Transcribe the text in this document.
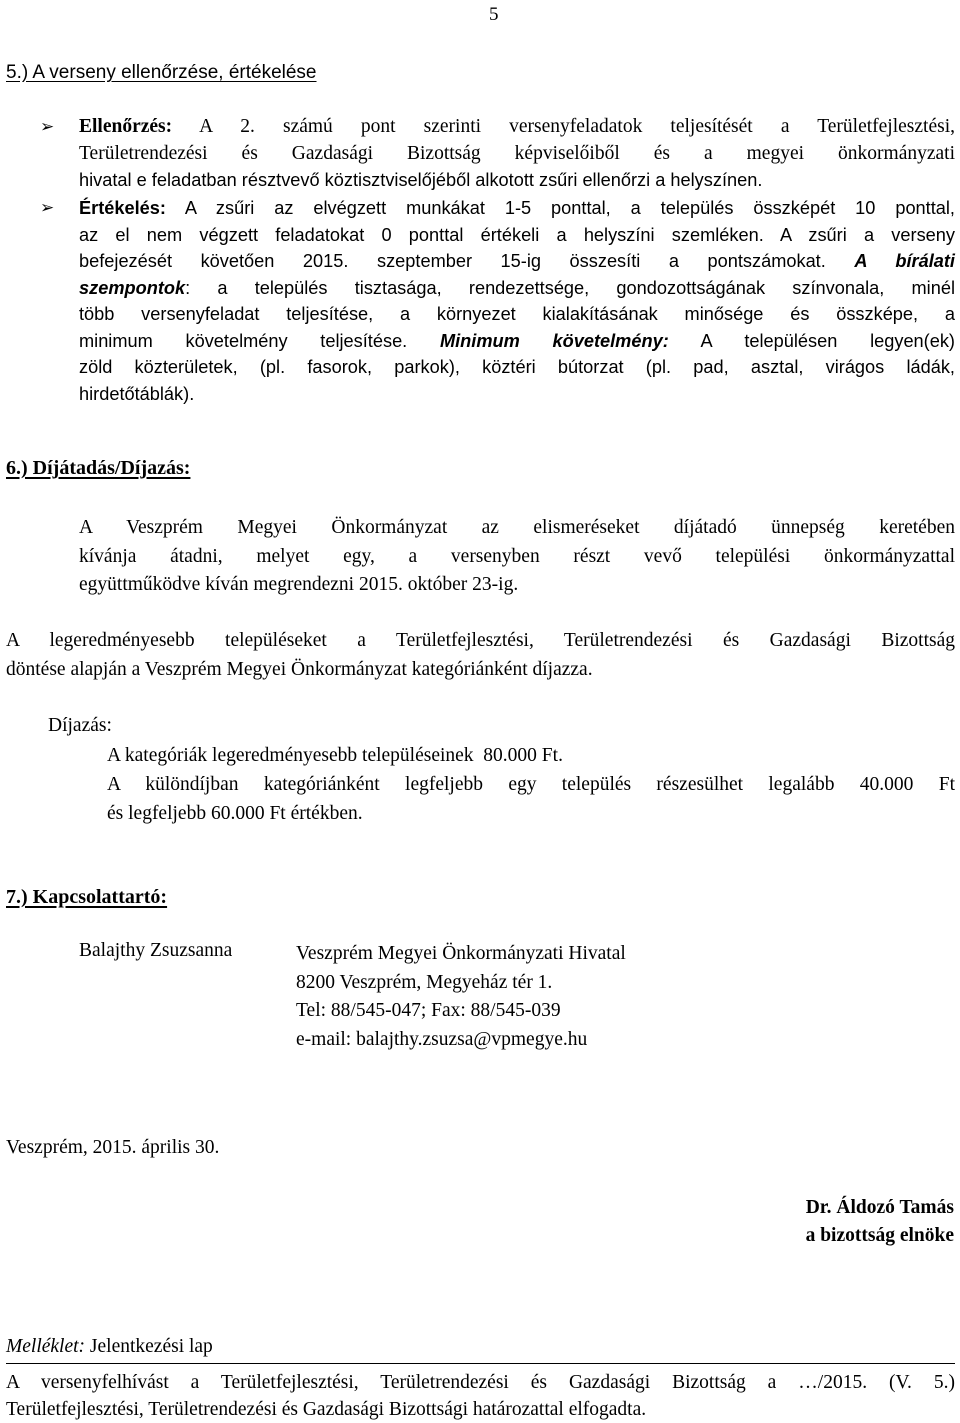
5
5.) A verseny ellenőrzése, értékelése
➢ Ellenőrzés: A 2. számú pont szerinti versenyfeladatok teljesítését a Területfejlesztési,
Területrendezési és Gazdasági Bizottság képviselőiből és a megyei önkormányzati
hivatal e feladatban résztvevő köztisztviselőjéből alkotott zsűri ellenőrzi a helyszínen.
➢ Értékelés: A zsűri az elvégzett munkákat 1-5 ponttal, a település összképét 10 ponttal,
az el nem végzett feladatokat 0 ponttal értékeli a helyszíni szemléken. A zsűri a verseny
befejezését követően 2015. szeptember 15-ig összesíti a pontszámokat. A bírálati
szempontok: a település tisztasága, rendezettsége, gondozottságának színvonala, minél
több versenyfeladat teljesítése, a környezet kialakításának minősége és összképe, a
minimum követelmény teljesítése. Minimum követelmény: A településen legyen(ek)
zöld közterületek, (pl. fasorok, parkok), köztéri bútorzat (pl. pad, asztal, virágos ládák,
hirdetőtáblák).
6.) Díjátadás/Díjazás:
A Veszprém Megyei Önkormányzat az elismeréseket díjátadó ünnepség keretében
kívánja átadni, melyet egy, a versenyben részt vevő települési önkormányzattal
együttműködve kíván megrendezni 2015. október 23-ig.
A legeredményesebb településeket a Területfejlesztési, Területrendezési és Gazdasági Bizottság
döntése alapján a Veszprém Megyei Önkormányzat kategóriánként díjazza.
Díjazás:
A kategóriák legeredményesebb településeinek  80.000 Ft.
A különdíjban kategóriánként legfeljebb egy település részesülhet legalább 40.000 Ft
és legfeljebb 60.000 Ft értékben.
7.) Kapcsolattartó:
Balajthy Zsuzsanna	Veszprém Megyei Önkormányzati Hivatal
8200 Veszprém, Megyeház tér 1.
Tel: 88/545-047; Fax: 88/545-039
e-mail: balajthy.zsuzsa@vpmegye.hu
Veszprém, 2015. április 30.
Dr. Áldozó Tamás
a bizottság elnöke
Melléklet: Jelentkezési lap
A versenyfelhívást a Területfejlesztési, Területrendezési és Gazdasági Bizottság a …/2015. (V. 5.)
Területfejlesztési, Területrendezési és Gazdasági Bizottsági határozattal elfogadta.
